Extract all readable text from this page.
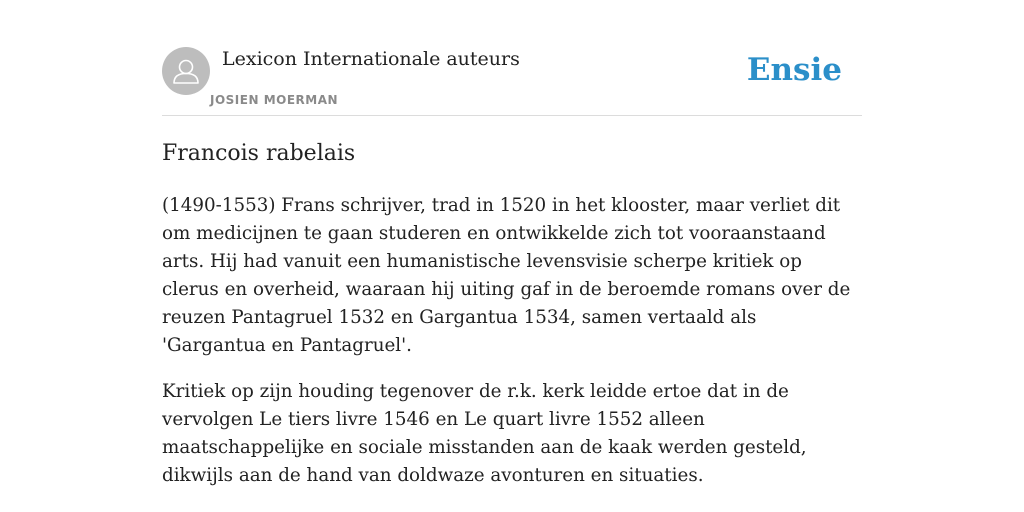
Lexicon Internationale auteurs
JOSIEN MOERMAN
Ensie
Francois rabelais

(1490-1553) Frans schrijver, trad in 1520 in het klooster, maar verliet dit om medicijnen te gaan studeren en ontwikkelde zich tot vooraanstaand arts. Hij had vanuit een humanistische levensvisie scherpe kritiek op clerus en overheid, waaraan hij uiting gaf in de beroemde romans over de reuzen Pantagruel 1532 en Gargantua 1534, samen vertaald als 'Gargantua en Pantagruel'.

Kritiek op zijn houding tegenover de r.k. kerk leidde ertoe dat in de vervolgen Le tiers livre 1546 en Le quart livre 1552 alleen maatschappelijke en sociale misstanden aan de kaak werden gesteld, dikwijls aan de hand van doldwaze avonturen en situaties.
